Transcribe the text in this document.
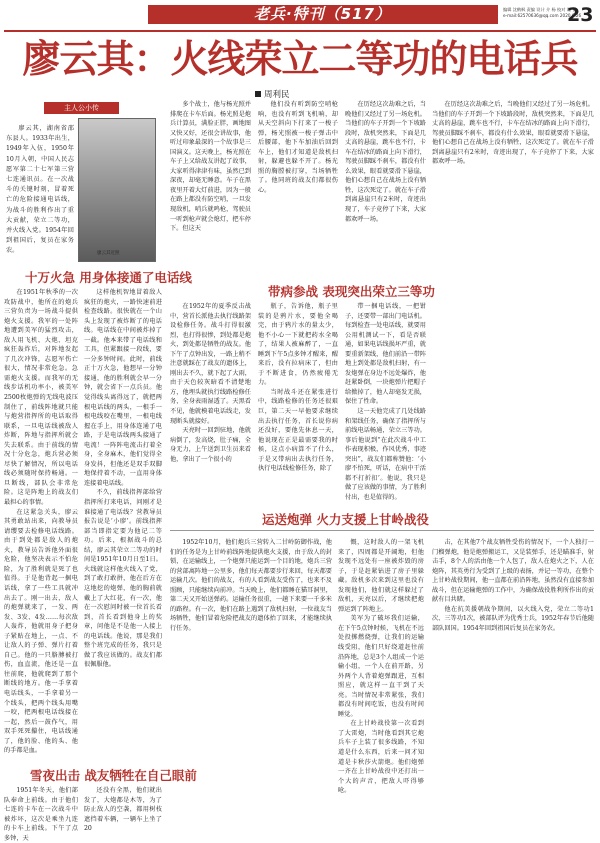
老兵·特刊（517）	编辑 沈鹤枫 责编 设计 介 杨 校对 谢 锐
e-mail:62570636@qq.com 2020.6.26
23
廖云其：火线荣立二等功的电话兵
周利民
主人公小传

廖云其，湖南省邵东县人。1933年出生，1949年入伍，1950年10月入朝，中国人民志愿军第二十七军第三营七连通讯员。在一次战斗的关键时刻，冒着死亡的危险接通电话线，为战斗的胜利作出了重大贡献，荣立二等功，并火线入党。1954年回到祖国后，复员在家务农。	廖云其近照
十万火急 用身体接通了电话线

在1951年秋季的一次攻防战中，他所在的炮兵三营负责为一场战斗提供炮火支援。我军的一处阵地遭到美军的猛烈攻击，敌人用飞机、大炮、坦克疯狂轰炸后，对阵地发起了几次冲锋，志愿军伤亡很大，情况非常危急。急需炮火支援。而我军的无线步话机功率小，被美军2500枚炮弹的无线电波压制住了，前线阵地就只能与炮营指挥所的电话取得联系，一旦电话线被敌人炸断，阵地与指挥所就会失去联系。由于前线的情况十分危急，炮兵营必须尽快了解情况，所以电话线必须随时保持畅通。一旦断线，部队会非常危险。这是阵地上的战友们最担心的事情。

在这紧急关头，廖云其勇敢站出来，向教导员请缨要去检修电话线路。由于到处都是敌人的炮火，教导员告诉他外面很危险，他坚决表示不怕危险，为了胜利就是死了也值得。于是他背起一捆电话线，拿了一些工具就冲出去了。刚一出去，敌人的炮弹就来了，一发、两发、3发、4发……每次敌人轰炸，他就用身子把身子紧贴在地上，一点、不让敌人的子弹、弹片打着自己。他的一只胳膊被打伤，血直流，他还是一直往前爬，他就爬到了那个断线的地方。他一手拿着电话线头，一手拿着另一个线头，把两个线头用嘴一咬，把两根电话线接在一起，然后一鼓作气，用双手死死攥住，电话线通了，他的脸、他的头、他的手都是血。

这样他机智地冒着敌人疯狂的炮火，一路快速前进检查线路。很快就在一个山头上发现了被炸断了的电话线。电话线在中间被炸掉了一截。他本来带了电话线和工具，但紧跟接一段线，要一分多钟时间。此时，前线正十万火急，他想早一分钟接通，他的胜利就会早一分钟，就会省下一点兵员。他觉得线头离得远了，就把两根电话线的两头，一根手一根电线咬在嘴里，一根电线握在手上，用身体连通了电路，于是电话线两头接通了电流！一阵阵电流击打着全身，全身麻木，他们觉得全身发抖，但他还是双手双脚地保持着不动，一直用身体连接着电话线。

不久，前线指挥部给营指挥所打来电话，问刚才是谁接通了电话线？营教导员报告说是‘小廖’。前线指挥部当即指定要为他记二等功。后来，根据战斗的总结，廖云其荣立二等功的时间是1951年10月日至1日。火线就这样他火线入了党，到了敢打敢拼，他在后方在这地挖的炮弹，他的胸前就戴上了大红花，有一次，他在一次慰问时被一位首长看到，首长看到他身上的奖章，问他是不是他一人接上的电话线。他说，那是我们整个班完成的任务，我只是做了我应该做的。战友们都很佩服他。

雪夜出击 战友牺牲在自己眼前

1951年冬天，他们部队奉命上前线。由于他们七连的卡车在一次战斗中被炸坏，这次是乘坐九连的卡车上前线。下午了点多钟，天

还没有全黑，他们就出发了，大炮都是木等，为了防止敌人的空袭，都用树枝遮挡着车辆，一辆车上坐了20

多个战士，他与杨光照并排爬在卡车后面。杨光照是炮兵计算员，满脸正胖，画地图又快又好，还很会讲故事，他听过印象最深的一个故事是三国演义。这天晚上，杨光照在车子上又给战友讲起了故事，大家听得津津有味，虽然已到深夜，却毫无睡意。车子在黑夜里开着大灯前进，因为一般在路上都没有防空哨，一旦发现敌机，哨兵就鸣枪，驾驶员一听到枪声就会熄灯，把车停下。但这天

他们没有听到防空哨枪响，也没有听到飞机响，却从天空斜向下打来了一梭子弹，杨光照被一梭子弹击中后腰部，他下车加油后回到车上，他们才知道是敌机扫射，躲避也躲不开了。杨光照的胸膛被打穿，当场牺牲了。他同班的战友们都很伤心。

在历经这次劫难之后，当晚他们又经过了另一场危机。当他们的车子开到一个下坡路段时，敌机突然来，下面是几丈高的悬崖，跳车也不行，卡车在结冰的路面上向下滑行，驾驶员脚踩不刹车，都没有什么效果，眼看就要滑下悬崖，他们心想自己在战场上没有牺牲，这次死定了。就在车子滑到离悬崖只有2米时，奇迹出现了，车子竟停了下来，大家都欢呼一场。

带病参战 表现突出荣立三等功

在1952年的夏季反击战中，营首长派他去执行线路架设检修任务。战斗打得很激烈，也打得很惨，到处都是炮火，到处都是牺牲的战友。他下午了点钟出发，一路上稍不注意就踩在了战友的遗体上，刚出去不久，就下起了大雨，由于天色较灰暗看不清楚地方，他埋头就执行线路检修任务，全身表雨湿透了。天黑看不见，他就模着电话线走，发现断头就接好。

天亮时一回到驻地，他就病倒了，发高烧，肚子痛，全身无力，上午送到卫生员来看他，拿出了一个很小的

瓶子，告诉他，瓶子里装的是鸦片水，要他全喝完，由于鸦片水的量太少，他不小心一下就把药水全喝了，结果人被麻醉了，一直睡到下午5点多钟才醒来，醒来后，没有拉病床了，但由于不断进食，仍然疲倦无力。

当时战斗还在紧张进行中，线路检修的任务还很艰巨，第二天一早他要求继续出去执行任务，首长说你病还没好，要他先休息一天，他说现在正是最需要我的时候，这点小病算不了什么，于是又带病出去执行任务，执行电话线检修任务，除了

带一捆电话线，一把钳子，还要带一部出门电话机。每到检查一处电话线，就要用公用机测试一下，看是否联通，如果电话线损坏严重，就要重新架线，他们前沿一带阵地上到处都是敌机扫射，有一发炮弹在身边不远处爆炸，他赶紧卧倒，一块炮弹片把帽子给掀掉了，他人却毫发无损，保住了性命。

这一天他完成了几处线路和架线任务，确保了指挥所与前线电话畅通，荣立三等功。事后他说到“在此次战斗中工作表现积极，作风优秀，事迹突出”，战友们都称赞他：‘小廖不怕死，听话，在病中干活都不打折扣’。他说，我只是做了应该做的事情，为了胜利付出，也是值得的。

运送炮弹 火力支援上甘岭战役

1952年10月，他们炮兵三营转入二甘岭防御作战，他们的任务是为上甘岭前线阵地提供炮火支援，由于敌人的封锁，在运输线上，一个炮弹只能运到一个目的地，炮兵三营的营部离阵地一公里多，他们每天都要步行来回，每天都要运输几次。他们的战友，有的人看到战友受伤了，也来不及照顾，只能继续向前冲。当天晚上，他们都睡在猫耳洞里，第二天又开始送弹药。运输任务很重，一趟下来要一千多米的路程。有一次，他们在路上遇到了敌机扫射，一位战友当场牺牲，他们冒着危险把战友的遗体抬了回来，才能继续执行任务。

慨，这时敌人的一架飞机来了，四周都是开阔地，但他发现不远处有一座被炸毁的房子，于是赶紧钻进了房子里躲藏。敌机多次来到这里也没有发现他们，他们就这样躲过了敌机，天亮以后，才继续把炮弹运到了阵地上。

美军为了破坏我们运输，在下午5点钟时候，飞机在不远处投掷燃烧弹，让我们的运输线受阻，他们只好绕道赶往前沿阵地，总是3个人组成一个运输小组，一个人在前开路，另外两个人背着炮弹跟进，互相照应，就这样一直干到了天亮。当时情况非常紧张，我们都没有时间吃饭，也没有时间睡觉。

在上甘岭战役第一次看到了大雷炮，当时他看到其它炮兵车子上装了很多线路，不知道是什么东西，后来一问才知道是卡秋莎火箭炮。他们炮弹一齐在上甘岭战役中还打出一个大的声音，把敌人吓得够呛。

击，在其他7个战友牺牲受伤的情况下，一个人独打一门榴弹炮，他是炮弹搬运工，又是装弹手，还是瞄准手，射击手，8个人的活由他一个人包了，敌人在炮火之下，人在炮阵，其英勇行为受到了上级的表扬，并记一等功，在整个上甘岭战役期间，他一直都在前沿阵地，虽然没有直接参加战斗，但在运输炮弹的工作中，为确保战役胜利所作出的贡献有目共睹。

他在抗美援朝战争期间，以火线入党，荣立二等功1次、三等功1次，被部队评为优秀士兵，1952年春节后他随部队回国。1954年回到祖国后复员在家务农。

在历经这次劫难之后，当晚他们又经过了另一场危机。当他们的车子开到一个下坡路段时，敌机突然来，下面是几丈高的悬崖，跳车也不行，卡车在结冰的路面上向下滑行，驾驶员脚踩不刹车，都没有什么效果，眼看就要滑下悬崖，他们心想自己在战场上没有牺牲，这次死定了。就在车子滑到离悬崖只有2米时，奇迹出现了，车子竟停了下来，大家都欢呼一场。
